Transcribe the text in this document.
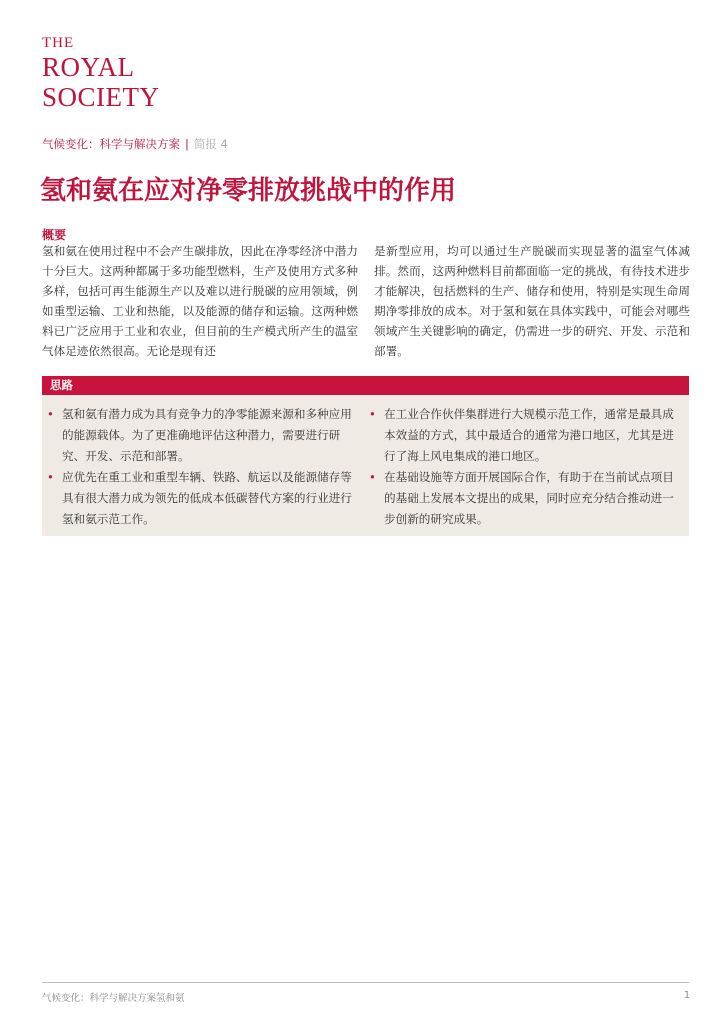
THE
ROYAL
SOCIETY
气候变化：科学与解决方案 | 简报 4
氢和氨在应对净零排放挑战中的作用
概要
氢和氨在使用过程中不会产生碳排放，因此在净零经济中潜力十分巨大。这两种都属于多功能型燃料，生产及使用方式多种多样，包括可再生能源生产以及难以进行脱碳的应用领域，例如重型运输、工业和热能，以及能源的储存和运输。这两种燃料已广泛应用于工业和农业，但目前的生产模式所产生的温室气体足迹依然很高。无论是现有还
是新型应用，均可以通过生产脱碳而实现显著的温室气体减排。然而，这两种燃料目前都面临一定的挑战，有待技术进步才能解决，包括燃料的生产、储存和使用，特别是实现生命周期净零排放的成本。对于氢和氨在具体实践中，可能会对哪些领域产生关键影响的确定，仍需进一步的研究、开发、示范和部署。
思路
• 氢和氨有潜力成为具有竞争力的净零能源来源和多种应用的能源载体。为了更准确地评估这种潜力，需要进行研究、开发、示范和部署。
• 应优先在重工业和重型车辆、铁路、航运以及能源储存等具有很大潜力成为领先的低成本低碳替代方案的行业进行氢和氨示范工作。
• 在工业合作伙伴集群进行大规模示范工作，通常是最具成本效益的方式，其中最适合的通常为港口地区，尤其是进行了海上风电集成的港口地区。
• 在基础设施等方面开展国际合作，有助于在当前试点项目的基础上发展本文提出的成果，同时应充分结合推动进一步创新的研究成果。
气候变化：科学与解决方案氢和氨	1
